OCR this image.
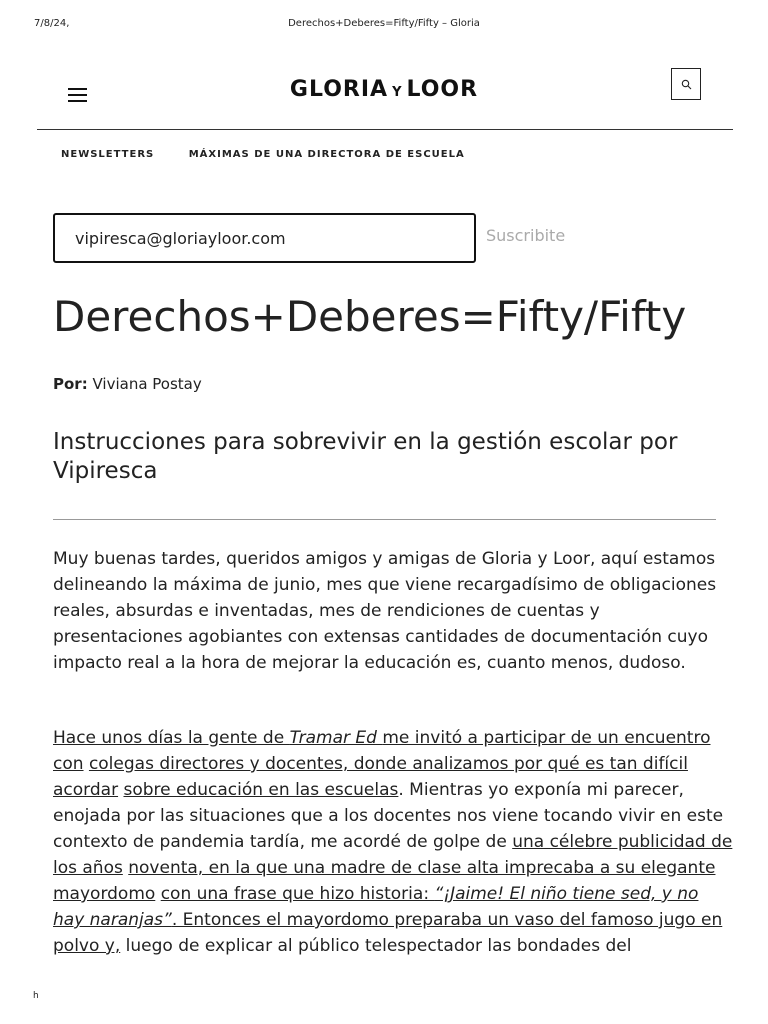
7/8/24,	Derechos+Deberes=Fifty/Fifty – Gloria
GLORIA Y LOOR
NEWSLETTERS	MÁXIMAS DE UNA DIRECTORA DE ESCUELA
vipiresca@gloriayloor.com
Suscribite
Derechos+Deberes=Fifty/Fifty
Por: Viviana Postay
Instrucciones para sobrevivir en la gestión escolar por Vipiresca

Muy buenas tardes, queridos amigos y amigas de Gloria y Loor, aquí estamos delineando la máxima de junio, mes que viene recargadísimo de obligaciones reales, absurdas e inventadas, mes de rendiciones de cuentas y presentaciones agobiantes con extensas cantidades de documentación cuyo impacto real a la hora de mejorar la educación es, cuanto menos, dudoso.

Hace unos días la gente de Tramar Ed me invitó a participar de un encuentro con colegas directores y docentes, donde analizamos por qué es tan difícil acordar sobre educación en las escuelas. Mientras yo exponía mi parecer, enojada por las situaciones que a los docentes nos viene tocando vivir en este contexto de pandemia tardía, me acordé de golpe de una célebre publicidad de los años noventa, en la que una madre de clase alta imprecaba a su elegante mayordomo con una frase que hizo historia: “¡Jaime! El niño tiene sed, y no hay naranjas”. Entonces el mayordomo preparaba un vaso del famoso jugo en polvo y, luego de explicar al público telespectador las bondades del

h
